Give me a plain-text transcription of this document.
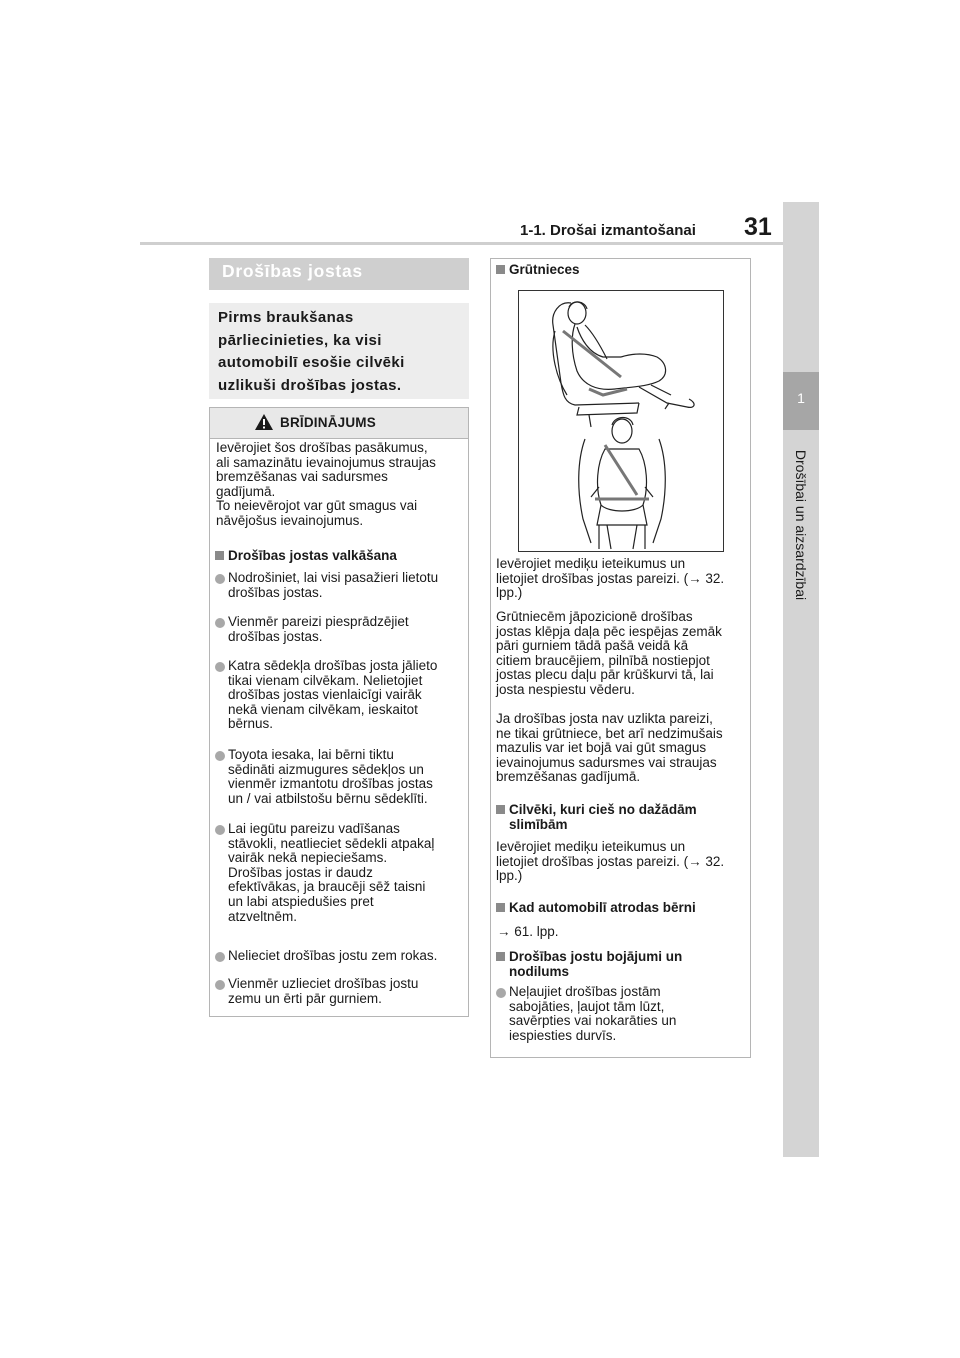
1-1. Drošai izmantošanai 31
1
Drošībai un aizsardzībai
Drošības jostas
Pirms braukšanas pārliecinieties, ka visi automobilī esošie cilvēki uzlikuši drošības jostas.
BRĪDINĀJUMS
Ievērojiet šos drošības pasākumus,
ali samazinātu ievainojumus straujas
bremzēšanas vai sadursmes
gadījumā.
To neievērojot var gūt smagus vai
nāvējošus ievainojumus.
Drošības jostas valkāšana
Nodrošiniet, lai visi pasažieri lietotu
drošības jostas.
Vienmēr pareizi piesprādzējiet
drošības jostas.
Katra sēdekļa drošības josta jālieto
tikai vienam cilvēkam. Nelietojiet
drošības jostas vienlaicīgi vairāk
nekā vienam cilvēkam, ieskaitot
bērnus.
Toyota iesaka, lai bērni tiktu
sēdināti aizmugures sēdekļos un
vienmēr izmantotu drošības jostas
un / vai atbilstošu bērnu sēdeklīti.
Lai iegūtu pareizu vadīšanas
stāvokli, neatlieciet sēdekli atpakaļ
vairāk nekā nepieciešams.
Drošības jostas ir daudz
efektīvākas, ja braucēji sēž taisni
un labi atspiedušies pret
atzveltnēm.
Nelieciet drošības jostu zem rokas.
Vienmēr uzlieciet drošības jostu
zemu un ērti pār gurniem.
Grūtnieces
Ievērojiet mediķu ieteikumus un
lietojiet drošības jostas pareizi. (→ 32.
lpp.)
Grūtniecēm jāpozicionē drošības
jostas klēpja daļa pēc iespējas zemāk
pāri gurniem tādā pašā veidā kā
citiem braucējiem, pilnībā nostiepjot
jostas plecu daļu pār krūškurvi tā, lai
josta nespiestu vēderu.
Ja drošības josta nav uzlikta pareizi,
ne tikai grūtniece, bet arī nedzimušais
mazulis var iet bojā vai gūt smagus
ievainojumus sadursmes vai straujas
bremzēšanas gadījumā.
Cilvēki, kuri cieš no dažādām
slimībām
Ievērojiet mediķu ieteikumus un
lietojiet drošības jostas pareizi. (→ 32.
lpp.)
Kad automobilī atrodas bērni
→ 61. lpp.
Drošības jostu bojājumi un
nodilums
Neļaujiet drošības jostām
sabojāties, ļaujot tām lūzt,
savērpties vai nokarāties un
iespiesties durvīs.
